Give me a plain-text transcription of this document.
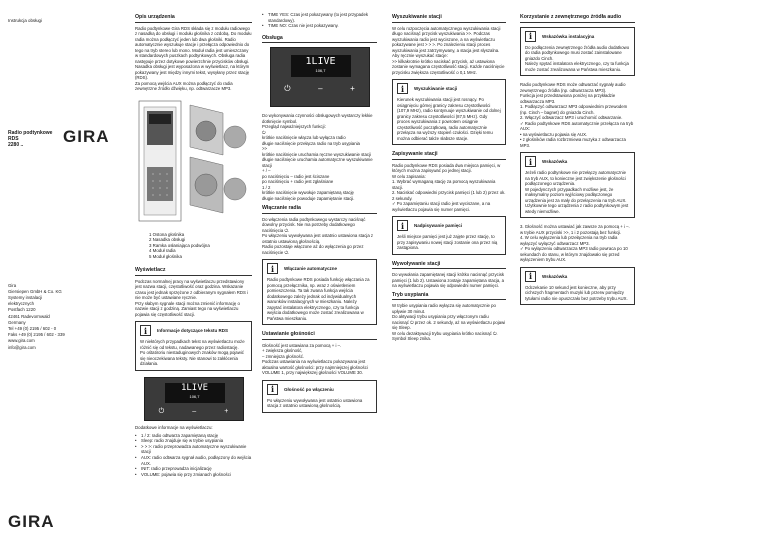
Instrukcja obsługi
Radio podtynkowe
RDS
2280 ..
Gira
Giersiepen GmbH & Co. KG
Systemy instalacji
elektrycznych
Postfach 1220
42461 Radevormwald
Germany
Tel +49 (0) 2195 / 602 - 0
Faks +49 (0) 2195 / 602 - 339
www.gira.com
info@gira.com
GIRA
Opis urządzenia
Radio podtynkowe Gira RDS składa się z modułu radiowego z nasadką do obsługi i modułu głośnika z ozdobą. Do modułu radia można podłączyć jeden lub dwa głośniki. Radio automatycznie wyszukuje stacje i przełącza odpowiednio do tego na tryb stereo lub mono. Moduł radia jest umieszczany w standardowych puszkach podtynkowych. Obsługa radia następuje przez dotykowe powierzchnie przycisków obsługi. Nasadka obsługi jest wyposażona w wyświetlacz, na którym pokazywany jest między innymi tekst, wysyłany przez stację (RDS).
Za pomocą wejścia AUX można podłączyć do radia zewnętrzne źródło dźwięku, np. odtwarzacze MP3.
GIRA
1 Ostona głośnika
2 Nasadka obsługi
3 Ramka osłaniająca podwójna
4 Moduł radia
5 Moduł głośnika
Wyświetlacz
Podczas normalnej pracy na wyświetlaczu przedstawiony jest nazwa stacji, częstotliwość oraz godzina. Wskazanie czasu jest jednak sprzężone z odbieranym sygnałem RDS i nie może być ustawiane ręcznie.
Przy słabym sygnale stacji można zmienić informację o nazwie stacji z godziną. Zamiast tego na wyświetlaczu pojawia się częstotliwość stacji.
i	Informacje dotyczące tekstu RDS
W niektórych przypadkach tekst na wyświetlaczu może różnić się od tekstu, nadawanego przez radiostację.
Po ośtatiroriu niestaduginowych znaków mogą pojawić się nieoczekiwana teksty. Nie stanowi to zakłócenia działania.
1LIVE
106,7
⏻	–	+
Dodatkowe informacje na wyświetlaczu:
• 1 / 2: radio odtwarza zapamiętaną stację
• Sleep: radio znajduje się w trybie usypiania
• > > >: radio przeprowadza automatyczne wyszukiwanie stacji
• AUX: radio odtwarza sygnał audio, podłączony do wejścia AUX.
• INIT: radio przeprowadza inicjalizację
• VOLUME: pojawia się przy zmianach głośności
• TIME YES: Czas jest pokazywany (to jest przypadek standardowy).
• TIME NO: Czas nie jest pokazywany.
Obsługa
1LIVE
106,7
⏻	–	+
Do wykonywania czynności obsługowych wystarczy lekkie dotknięcie symbol.
Przegląd najważniejszych funkcji:
⏻
krótkie naciśnięcie włącza lub wyłącza radio
długie naciśnięcie przełącza radio na tryb usypiania
>>
krótkie naciśnięcie uruchamia ręczne wyszukiwanie stacji
długie naciśnięcie uruchamia automatyczne wyszukiwanie stacji
+ / –
po naciśnięciu – radio jest ściszane
po naciśnięciu + radio jest zgłaśniane
1 / 2
krótkie naciśnięcie wywołuje zapamiętaną stację
długie naciśnięcie powoduje zapamiętanie stacji.
Włączanie radia
Do włączenia radia podtynkowego wystarczy naciśnąć dowolny przycisk. Nie ma potrzeby dodatkowego naciśnięcia ⏻.
Po włączeniu wywoływana jest ostatnio ustawiona stacja z ostatnio ustawioną głośnością.
Radio pozostaje włączone aż do wyłączenia go przez naciśnięcie ⏻.
i	Włączanie automatyczne
Radio podtynkowe RDS posiada funkcję włączania za pomocą przełącznika, np. wraz z oświetleniem pomieszczenia. Ta tak zwana funkcja wejścia dodatkowego zależy jednak od indywidualnych warunków instalacyjnych w mieszkaniu. Należy zapytać instalatora elektrycznego, czy ta funkcja wejścia dodatkowego może zostać zrealizowana w Państwa mieszkaniu.
Ustawianie głośności
Głośność jest ustawiana za pomocą + i –.
+ zwiększa głośność,
– zmniejsza głośność.
Podczas ustawiania na wyświetlaczu pokazywana jest aktualna wartość głośności: przy najmniejszej głośności VOLUME 1, przy największej głośności VOLUME 30.
i	Głośność po włączeniu
Po włączeniu wywoływana jest ostatnio ustawiona stacja z ostatnio ustawioną głośnością.
Wyszukiwanie stacji
W celu rozpoczęcia automatycznego wyszukiwania stacji długo naciśnąć przycisk wyszukiwania >>. Podczas wyszukiwania radio jest wyciszone, a na wyświetlaczu pokazywane jest > > >. Po znalezieniu stacji proces wyszukiwania jest zatrzymywany, a stacja jest słyszalna.
Aby ręcznie wyszukać stacje:
>> kilkakrotnie krótko naciskać przycisk, aż ustawiona zostanie wymagana częstotliwość stacji. Każde naciśnięcie przycisku zwiększa częstotliwość o 0,1 MHz.
i	Wyszukiwanie stacji
Kierunek wyszukiwania stacji jest rosnący. Po osiągnięciu górnej granicy zakresu częstotliwości (107,9 MHz), radio kontynuuje wyszukiwanie od dolnej granicy zakresu częstotliwości (87,5 MHz). Gdy proces wyszukiwania z powrotem osiągnie częstotliwość początkową, radio automatycznie przełącza na wyższy stopień czułości. Dzięki temu można odbierać także słabsze stacje.
Zapisywanie stacji
Radio podtynkowe RDS posiada dwa miejsca pamięci, w których można zapisywać po jednej stacji.
W celu zapisania:
1. Wybrać wymaganą stację za pomocą wyszukiwania stacji.
2. Naciskać odpowiedni przycisk pamięci (1 lub 2) przez ok. 2 sekundy.
✓ Po zapamiętaniu stacji radio jest wyciszane, a na wyświetlaczu pojawia się numer pamięci.
i	Nadpisywanie pamięci
Jeśli miejsce pamięci jest już zajęte przez stację, to przy zapisywaniu nowej stacji zostanie ona przez nią zastąpiona.
Wywoływanie stacji
Do wywołania zapamiętanej stacji krótko nacisnąć przycisk pamięci (1 lub 2). Ustawiona zostaje zapamiętana stacja, a na wyświetlaczu pojawia się odpowiedni numer pamięci.
Tryb usypiania
W trybie usypiania radio wyłącza się automatycznie po upływie 30 minut.
Do aktywacji trybu usypiania przy włączonym radiu nacisnąć ⏻ przez ok. 2 sekundy, aż na wyświetlaczu pojawi się Sleep.
W celu dezaktywacji trybu usypiania krótko nacisnąć ⏻. Symbol Sleep znika.
Korzystanie z zewnętrznego źródła audio
i	Wskazówka instalacyjna
Do podłączenia zewnętrznego źródła audio dodatkowo do radia podtynkowego musi zostać zainstalowane gniazdo Cinch.
Należy spytać instalatora elektrycznego, czy ta funkcja może zostać zrealizowana w Państwa mieszkaniu.
Radio podtynkowe RDS może odtwarzać sygnały audio zewnętrznego źródła (np. odtwarzacza MP3).
Funkcja jest przedstawiona poniżej na przykładzie odtwarzacza MP3.
1. Podłączyć odtwarzacz MP3 odpowiednim przewodem (np. Cinch – bagnet) do gniazda Cinch.
2. Włączyć odtwarzacz MP3 i uruchomić odtwarzanie.
✓ Radio podtynkowe RDS automatycznie przełącza na tryb AUX:
• na wyświetlaczu pojawia się AUX.
• z głośników radia rozbrzmiewa muzyka z odtwarzacza MP3.
i	Wskazówka
Jeżeli radio podtynkowe nie przełączy automatycznie na tryb AUX, to konieczne jest zwiększenie głośności podłączonego urządzenia.
W pojedynczych przypadkach możliwe jest, że maksymalny poziom wyjściowy podłączonego urządzenia jest za mały do przełączenia na tryb AUX. Użytkownie tego urządzenia z radio podtynkowym jest wtedy niemożliwe.
3. Głośność można ustawiać jak zawsze za pomocą + i –.
w trybie AUX przyciski >>, 1 i 2 pozostają bez funkcji.
4. W celu wyłączenia lub przełączenia na tryb radia wyłączyć wyłączyć odtwarzacz MP3.
✓ Po wyłączeniu odtwarzacza MP3 radio powraca po 10 sekundach do stanu, w którym znajdowało się przed wyłączeniem trybu AUX.
i	Wskazówka
Odczekanie 10 sekund jest konieczne, aby przy cichszych fragmentach muzyki lub przerw pomiędzy tytułami radio nie opuszczało bez potrzeby trybu AUX.
